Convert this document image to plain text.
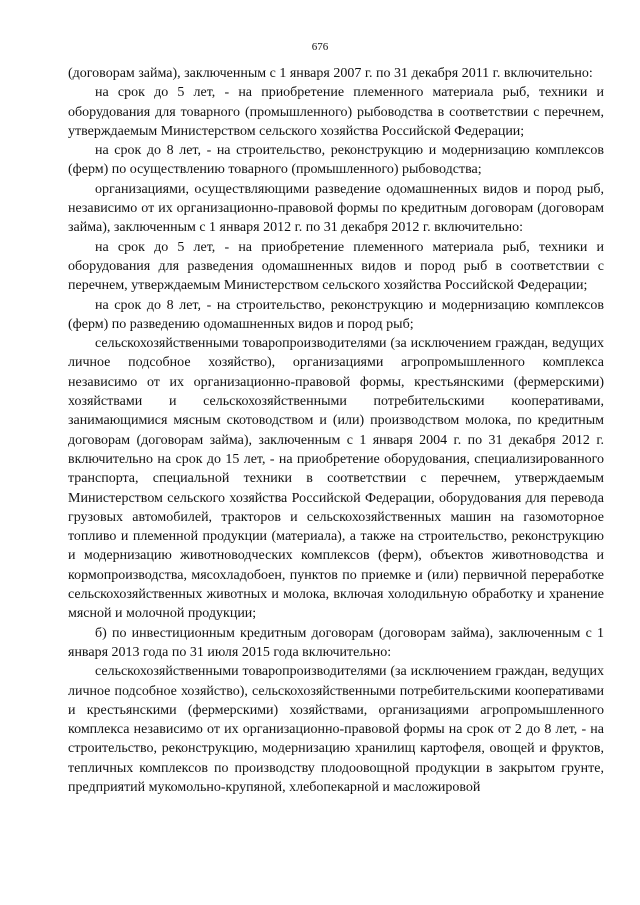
676

(договорам займа), заключенным с 1 января 2007 г. по 31 декабря 2011 г. включительно:

на срок до 5 лет, - на приобретение племенного материала рыб, техники и оборудования для товарного (промышленного) рыбоводства в соответствии с перечнем, утверждаемым Министерством сельского хозяйства Российской Федерации;

на срок до 8 лет, - на строительство, реконструкцию и модернизацию комплексов (ферм) по осуществлению товарного (промышленного) рыбоводства;

организациями, осуществляющими разведение одомашненных видов и пород рыб, независимо от их организационно-правовой формы по кредитным договорам (договорам займа), заключенным с 1 января 2012 г. по 31 декабря 2012 г. включительно:

на срок до 5 лет, - на приобретение племенного материала рыб, техники и оборудования для разведения одомашненных видов и пород рыб в соответствии с перечнем, утверждаемым Министерством сельского хозяйства Российской Федерации;

на срок до 8 лет, - на строительство, реконструкцию и модернизацию комплексов (ферм) по разведению одомашненных видов и пород рыб;

сельскохозяйственными товаропроизводителями (за исключением граждан, ведущих личное подсобное хозяйство), организациями агропромышленного комплекса независимо от их организационно-правовой формы, крестьянскими (фермерскими) хозяйствами и сельскохозяйственными потребительскими кооперативами, занимающимися мясным скотоводством и (или) производством молока, по кредитным договорам (договорам займа), заключенным с 1 января 2004 г. по 31 декабря 2012 г. включительно на срок до 15 лет, - на приобретение оборудования, специализированного транспорта, специальной техники в соответствии с перечнем, утверждаемым Министерством сельского хозяйства Российской Федерации, оборудования для перевода грузовых автомобилей, тракторов и сельскохозяйственных машин на газомоторное топливо и племенной продукции (материала), а также на строительство, реконструкцию и модернизацию животноводческих комплексов (ферм), объектов животноводства и кормопроизводства, мясохладобоен, пунктов по приемке и (или) первичной переработке сельскохозяйственных животных и молока, включая холодильную обработку и хранение мясной и молочной продукции;

б) по инвестиционным кредитным договорам (договорам займа), заключенным с 1 января 2013 года по 31 июля 2015 года включительно:

сельскохозяйственными товаропроизводителями (за исключением граждан, ведущих личное подсобное хозяйство), сельскохозяйственными потребительскими кооперативами и крестьянскими (фермерскими) хозяйствами, организациями агропромышленного комплекса независимо от их организационно-правовой формы на срок от 2 до 8 лет, - на строительство, реконструкцию, модернизацию хранилищ картофеля, овощей и фруктов, тепличных комплексов по производству плодоовощной продукции в закрытом грунте, предприятий мукомольно-крупяной, хлебопекарной и масложировой
